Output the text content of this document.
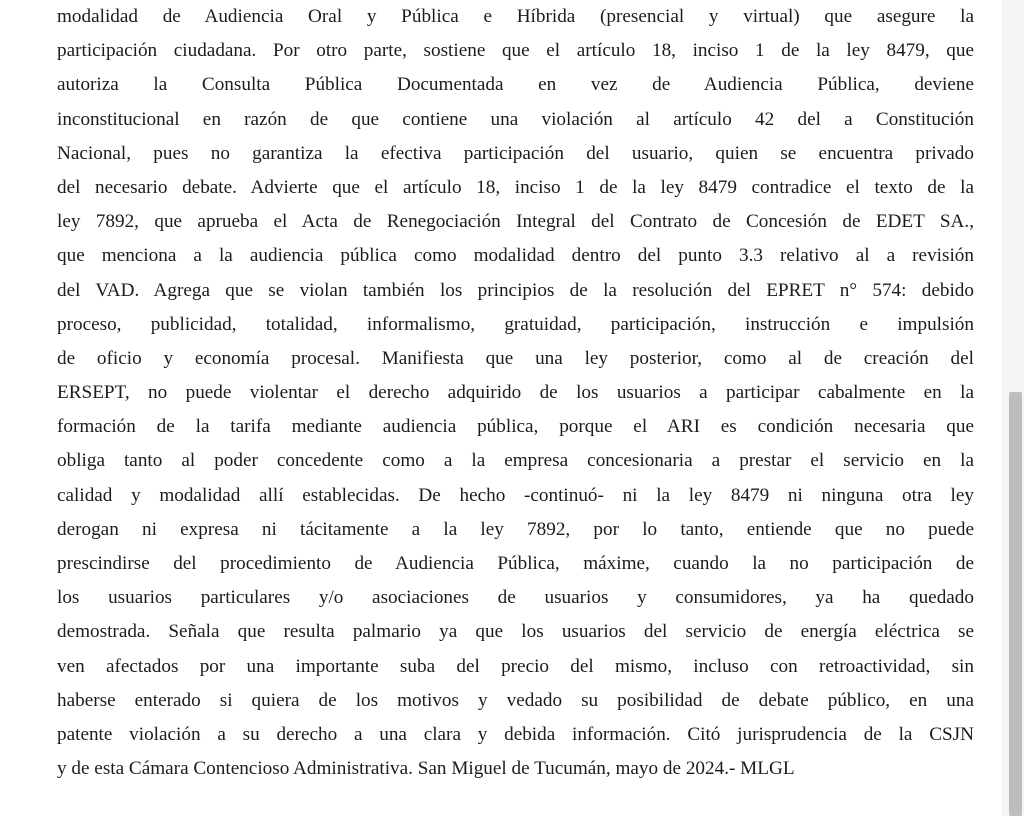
modalidad de Audiencia Oral y Pública e Híbrida (presencial y virtual) que asegure la
participación ciudadana. Por otro parte, sostiene que el artículo 18, inciso 1 de la ley 8479, que
autoriza la Consulta Pública Documentada en vez de Audiencia Pública, deviene
inconstitucional en razón de que contiene una violación al artículo 42 del a Constitución
Nacional, pues no garantiza la efectiva participación del usuario, quien se encuentra privado
del necesario debate. Advierte que el artículo 18, inciso 1 de la ley 8479 contradice el texto de la
ley 7892, que aprueba el Acta de Renegociación Integral del Contrato de Concesión de EDET SA.,
que menciona a la audiencia pública como modalidad dentro del punto 3.3 relativo al a revisión
del VAD. Agrega que se violan también los principios de la resolución del EPRET n° 574: debido
proceso, publicidad, totalidad, informalismo, gratuidad, participación, instrucción e impulsión
de oficio y economía procesal. Manifiesta que una ley posterior, como al de creación del
ERSEPT, no puede violentar el derecho adquirido de los usuarios a participar cabalmente en la
formación de la tarifa mediante audiencia pública, porque el ARI es condición necesaria que
obliga tanto al poder concedente como a la empresa concesionaria a prestar el servicio en la
calidad y modalidad allí establecidas. De hecho -continuó- ni la ley 8479 ni ninguna otra ley
derogan ni expresa ni tácitamente a la ley 7892, por lo tanto, entiende que no puede
prescindirse del procedimiento de Audiencia Pública, máxime, cuando la no participación de
los usuarios particulares y/o asociaciones de usuarios y consumidores, ya ha quedado
demostrada. Señala que resulta palmario ya que los usuarios del servicio de energía eléctrica se
ven afectados por una importante suba del precio del mismo, incluso con retroactividad, sin
haberse enterado si quiera de los motivos y vedado su posibilidad de debate público, en una
patente violación a su derecho a una clara y debida información. Citó jurisprudencia de la CSJN
y de esta Cámara Contencioso Administrativa. San Miguel de Tucumán, mayo de 2024.- MLGL
